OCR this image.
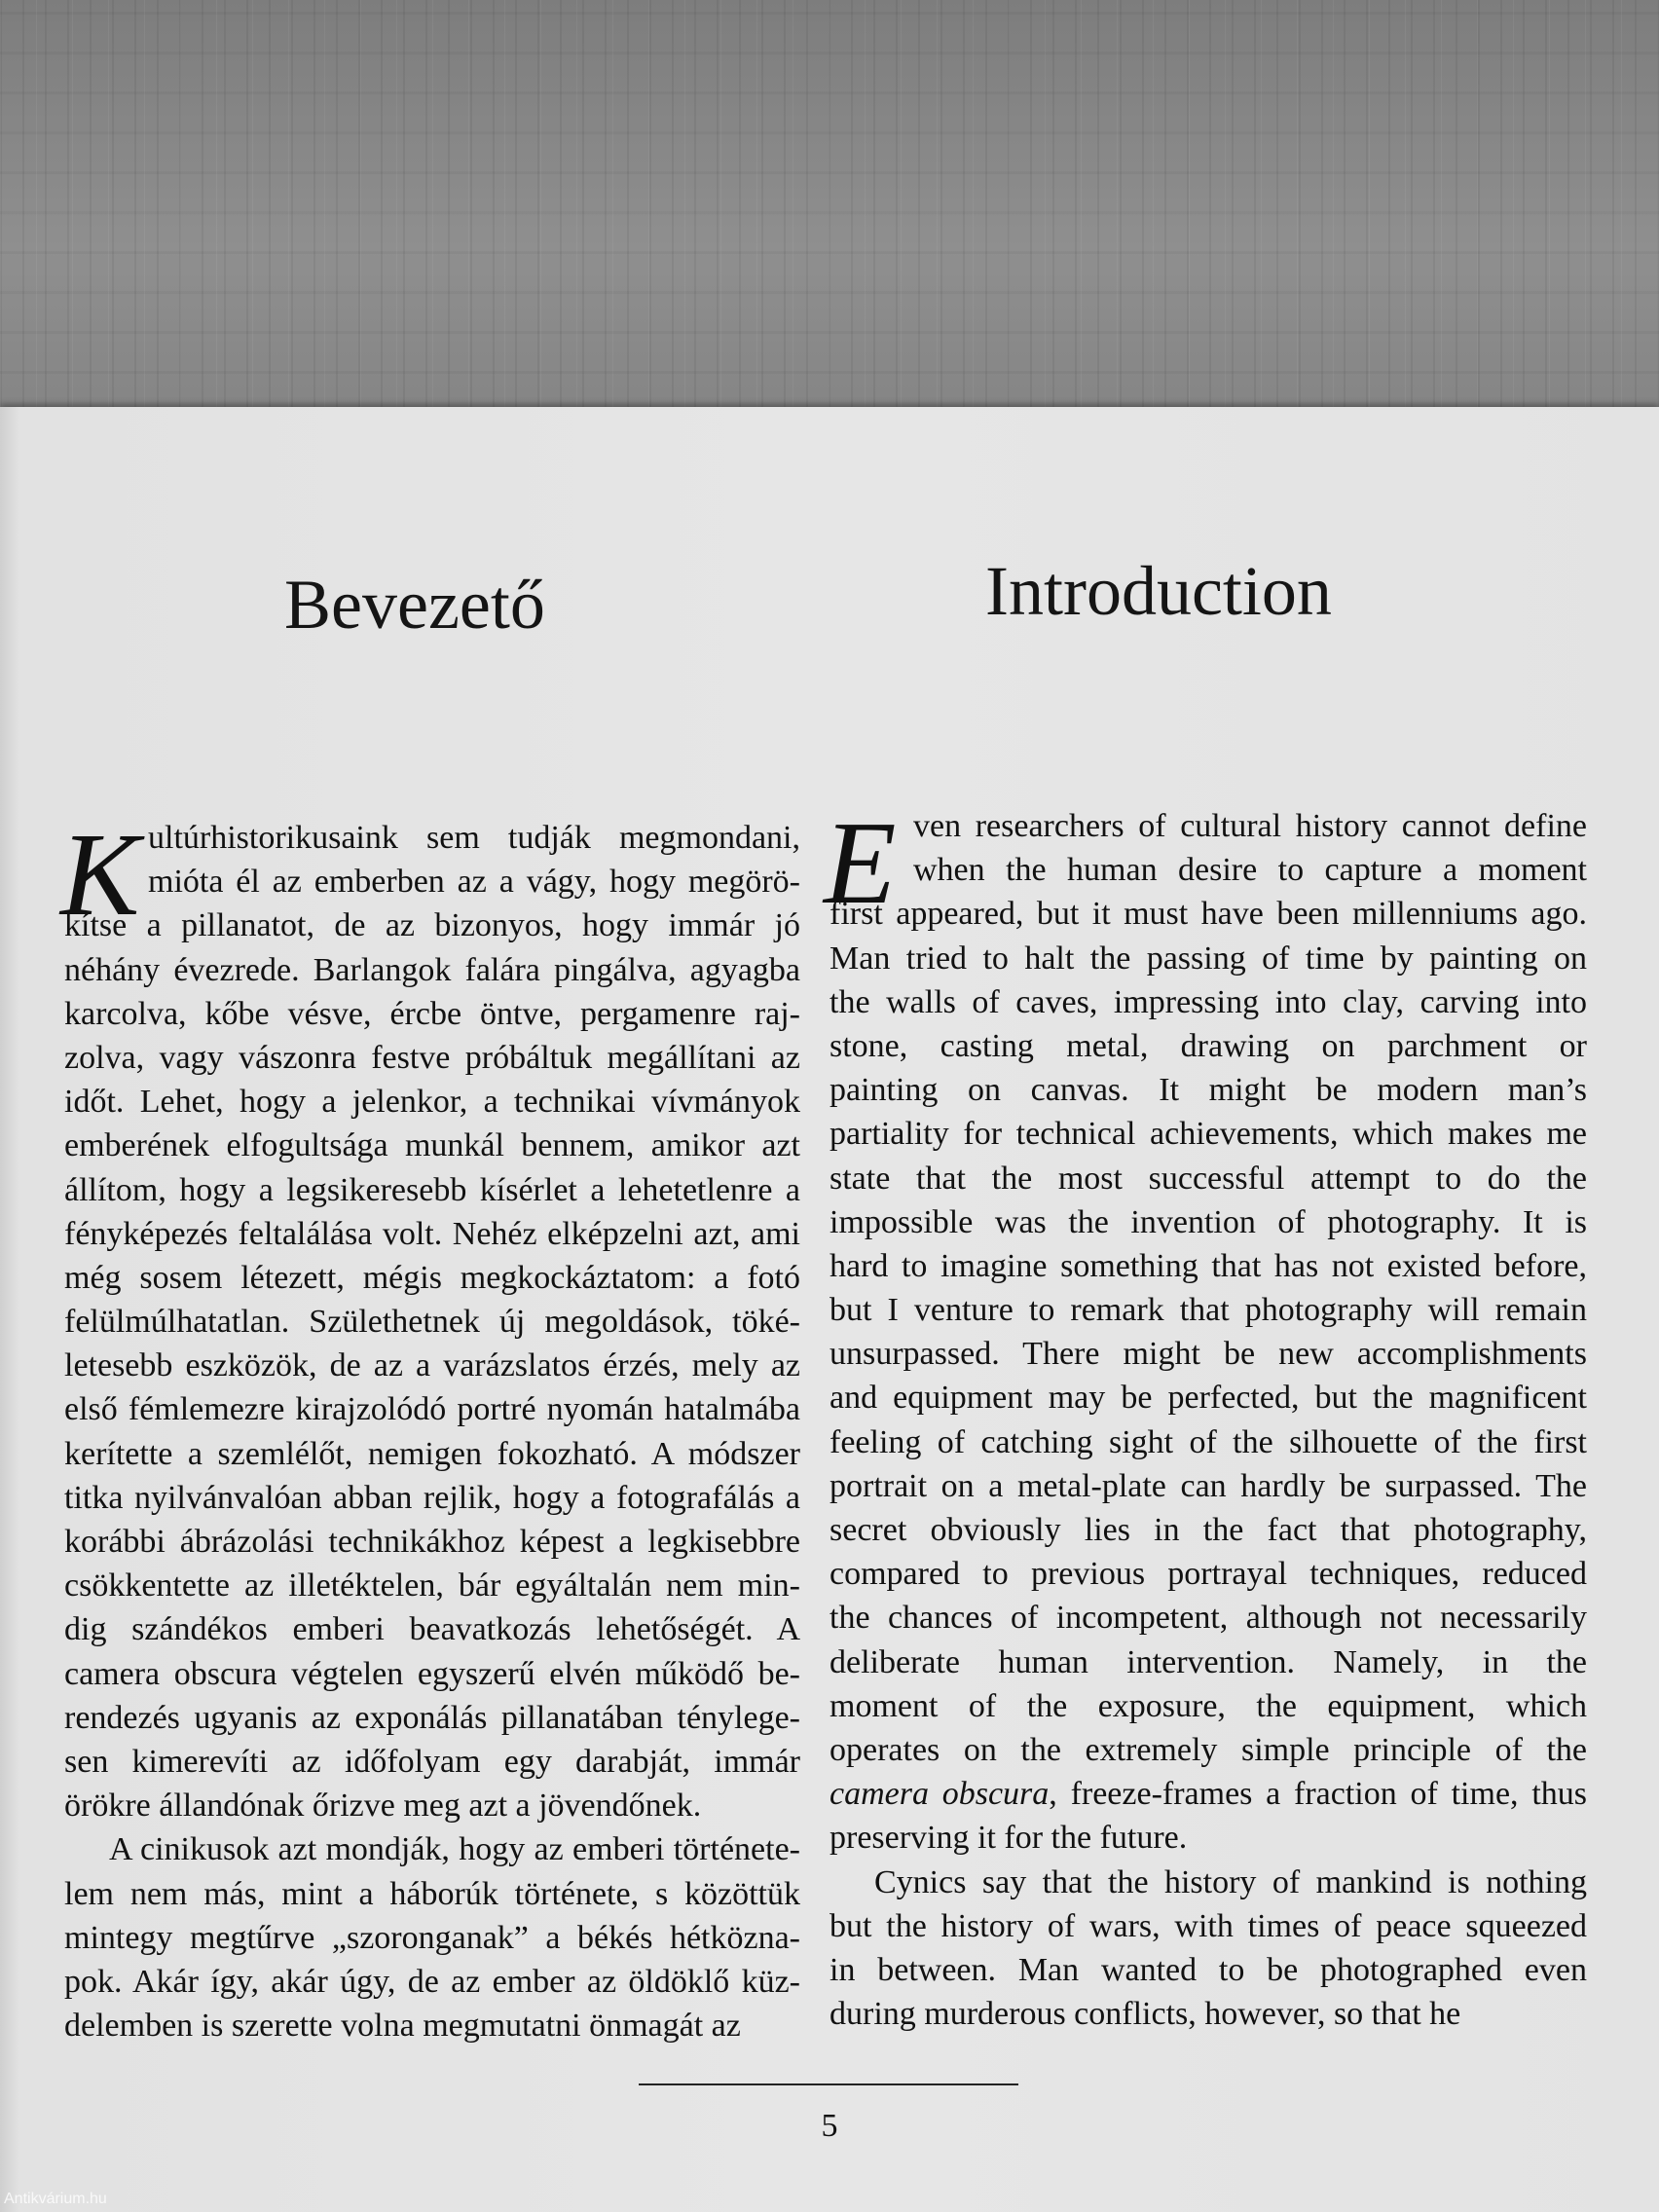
Bevezető	Introduction
K ultúrhistorikusaink sem tudják megmondani,
mióta él az emberben az a vágy, hogy megörö-
kítse a pillanatot, de az bizonyos, hogy immár jó
néhány évezrede. Barlangok falára pingálva, agyagba
karcolva, kőbe vésve, ércbe öntve, pergamenre raj-
zolva, vagy vászonra festve próbáltuk megállítani az
időt. Lehet, hogy a jelenkor, a technikai vívmányok
emberének elfogultsága munkál bennem, amikor azt
állítom, hogy a legsikeresebb kísérlet a lehetetlenre a
fényképezés feltalálása volt. Nehéz elképzelni azt, ami
még sosem létezett, mégis megkockáztatom: a fotó
felülmúlhatatlan. Születhetnek új megoldások, töké-
letesebb eszközök, de az a varázslatos érzés, mely az
első fémlemezre kirajzolódó portré nyomán hatalmába
kerítette a szemlélőt, nemigen fokozható. A módszer
titka nyilvánvalóan abban rejlik, hogy a fotografálás a
korábbi ábrázolási technikákhoz képest a legkisebbre
csökkentette az illetéktelen, bár egyáltalán nem min-
dig szándékos emberi beavatkozás lehetőségét. A
camera obscura végtelen egyszerű elvén működő be-
rendezés ugyanis az exponálás pillanatában ténylege-
sen kimerevíti az időfolyam egy darabját, immár
örökre állandónak őrizve meg azt a jövendőnek.
A cinikusok azt mondják, hogy az emberi története-
lem nem más, mint a háborúk története, s közöttük
mintegy megtűrve „szoronganak” a békés hétközna-
pok. Akár így, akár úgy, de az ember az öldöklő küz-
delemben is szerette volna megmutatni önmagát az
E ven researchers of cultural history cannot define
when the human desire to capture a moment
first appeared, but it must have been millenniums ago.
Man tried to halt the passing of time by painting on
the walls of caves, impressing into clay, carving into
stone, casting metal, drawing on parchment or
painting on canvas. It might be modern man’s
partiality for technical achievements, which makes me
state that the most successful attempt to do the
impossible was the invention of photography. It is
hard to imagine something that has not existed before,
but I venture to remark that photography will remain
unsurpassed. There might be new accomplishments
and equipment may be perfected, but the magnificent
feeling of catching sight of the silhouette of the first
portrait on a metal-plate can hardly be surpassed. The
secret obviously lies in the fact that photography,
compared to previous portrayal techniques, reduced
the chances of incompetent, although not necessarily
deliberate human intervention. Namely, in the
moment of the exposure, the equipment, which
operates on the extremely simple principle of the
camera obscura, freeze-frames a fraction of time, thus
preserving it for the future.
Cynics say that the history of mankind is nothing
but the history of wars, with times of peace squeezed
in between. Man wanted to be photographed even
during murderous conflicts, however, so that he
5
Antikvárium.hu
